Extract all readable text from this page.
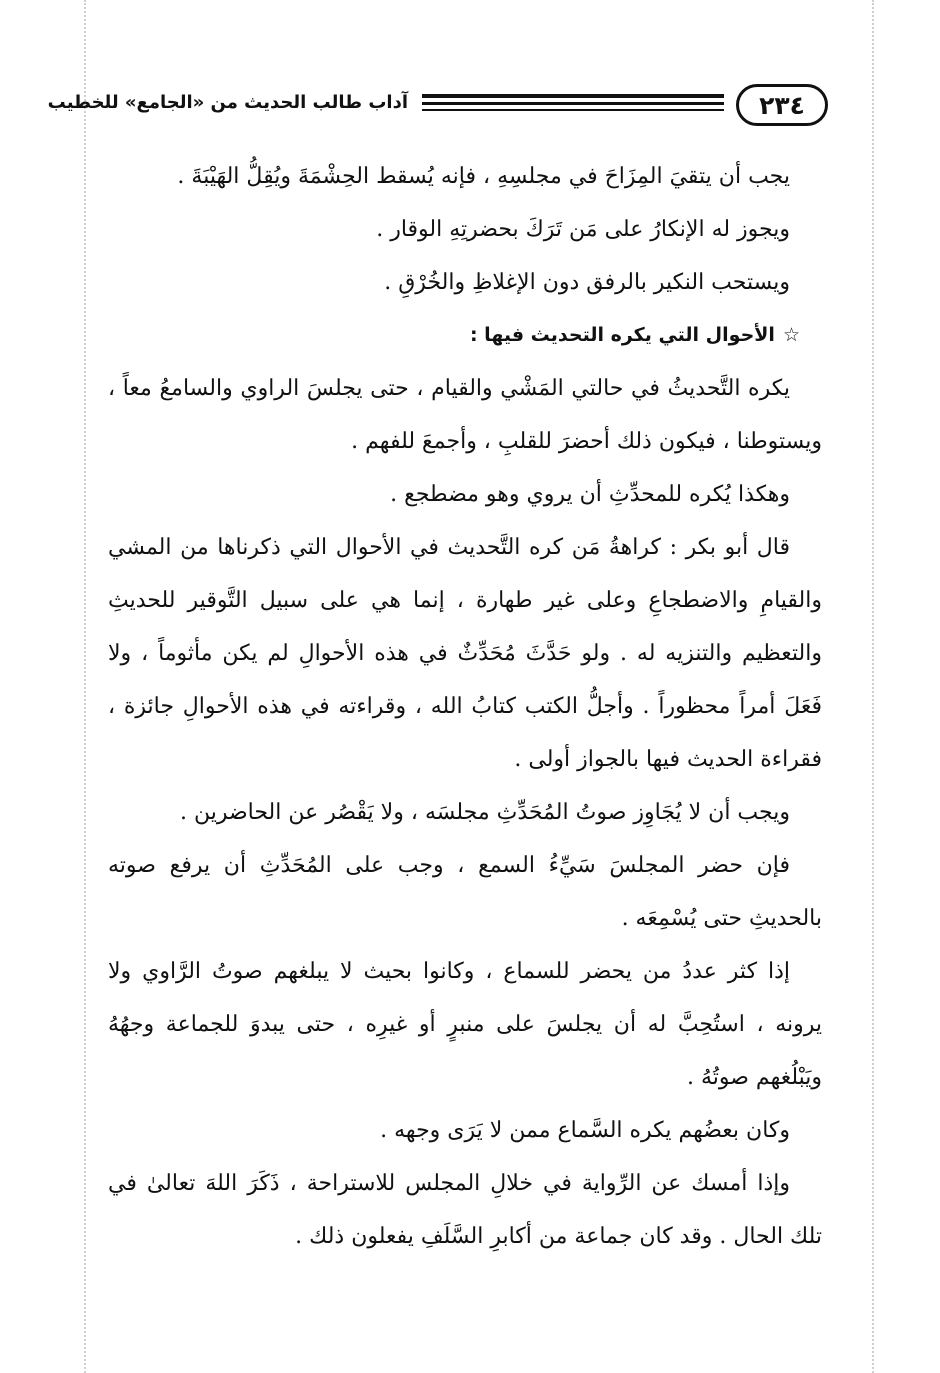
٢٣٤
آداب طالب الحديث من «الجامع» للخطيب

يجب أن يتقيَ المِزَاحَ في مجلسِهِ ، فإنه يُسقط الحِشْمَةَ ويُقِلُّ الهَيْبَةَ .

ويجوز له الإنكارُ على مَن تَرَكَ بحضرتِهِ الوقار .

ويستحب النكير بالرفق دون الإغلاظِ والخُرْقِ .

☆الأحوال التي يكره التحديث فيها :

يكره التَّحديثُ في حالتي المَشْي والقيام ، حتى يجلسَ الراوي والسامعُ معاً ، ويستوطنا ، فيكون ذلك أحضرَ للقلبِ ، وأجمعَ للفهم .

وهكذا يُكره للمحدِّثِ أن يروي وهو مضطجع .

قال أبو بكر : كراهةُ مَن كره التَّحديث في الأحوال التي ذكرناها من المشي والقيامِ والاضطجاعِ وعلى غير طهارة ، إنما هي على سبيل التَّوقير للحديثِ والتعظيم والتنزيه له . ولو حَدَّثَ مُحَدِّثٌ في هذه الأحوالِ لم يكن مأثوماً ، ولا فَعَلَ أمراً محظوراً . وأجلُّ الكتب كتابُ الله ، وقراءته في هذه الأحوالِ جائزة ، فقراءة الحديث فيها بالجواز أولى .

ويجب أن لا يُجَاوِز صوتُ المُحَدِّثِ مجلسَه ، ولا يَقْصُر عن الحاضرين .

فإن حضر المجلسَ سَيِّءُ السمع ، وجب على المُحَدِّثِ أن يرفع صوته بالحديثِ حتى يُسْمِعَه .

إذا كثر عددُ من يحضر للسماع ، وكانوا بحيث لا يبلغهم صوتُ الرَّاوي ولا يرونه ، استُحِبَّ له أن يجلسَ على منبرٍ أو غيرِه ، حتى يبدوَ للجماعة وجهُهُ ويَبْلُغهم صوتُهُ .

وكان بعضُهم يكره السَّماع ممن لا يَرَى وجهه .

وإذا أمسك عن الرِّواية في خلالِ المجلس للاستراحة ، ذَكَرَ اللهَ تعالىٰ في تلك الحال . وقد كان جماعة من أكابرِ السَّلَفِ يفعلون ذلك .
